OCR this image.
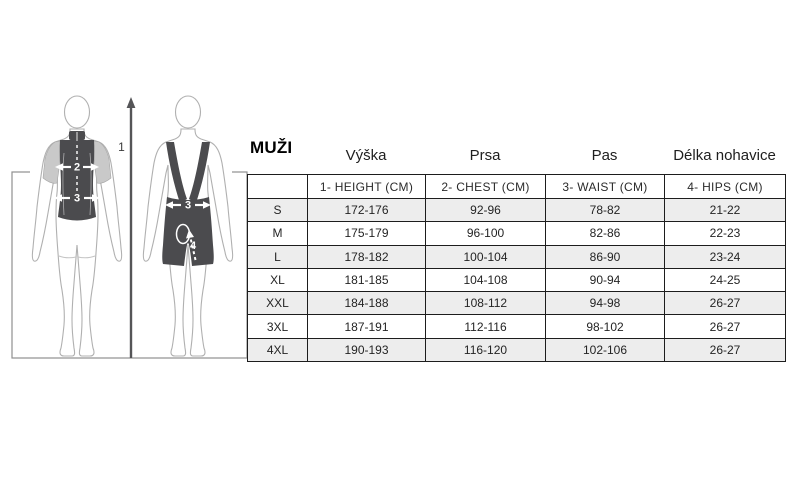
1
2
3
3
4
MUŽI	Výška	Prsa	Pas	Délka nohavice
	1- HEIGHT (CM)	2- CHEST (CM)	3- WAIST (CM)	4- HIPS (CM)
S	172-176	92-96	78-82	21-22
M	175-179	96-100	82-86	22-23
L	178-182	100-104	86-90	23-24
XL	181-185	104-108	90-94	24-25
XXL	184-188	108-112	94-98	26-27
3XL	187-191	112-116	98-102	26-27
4XL	190-193	116-120	102-106	26-27
